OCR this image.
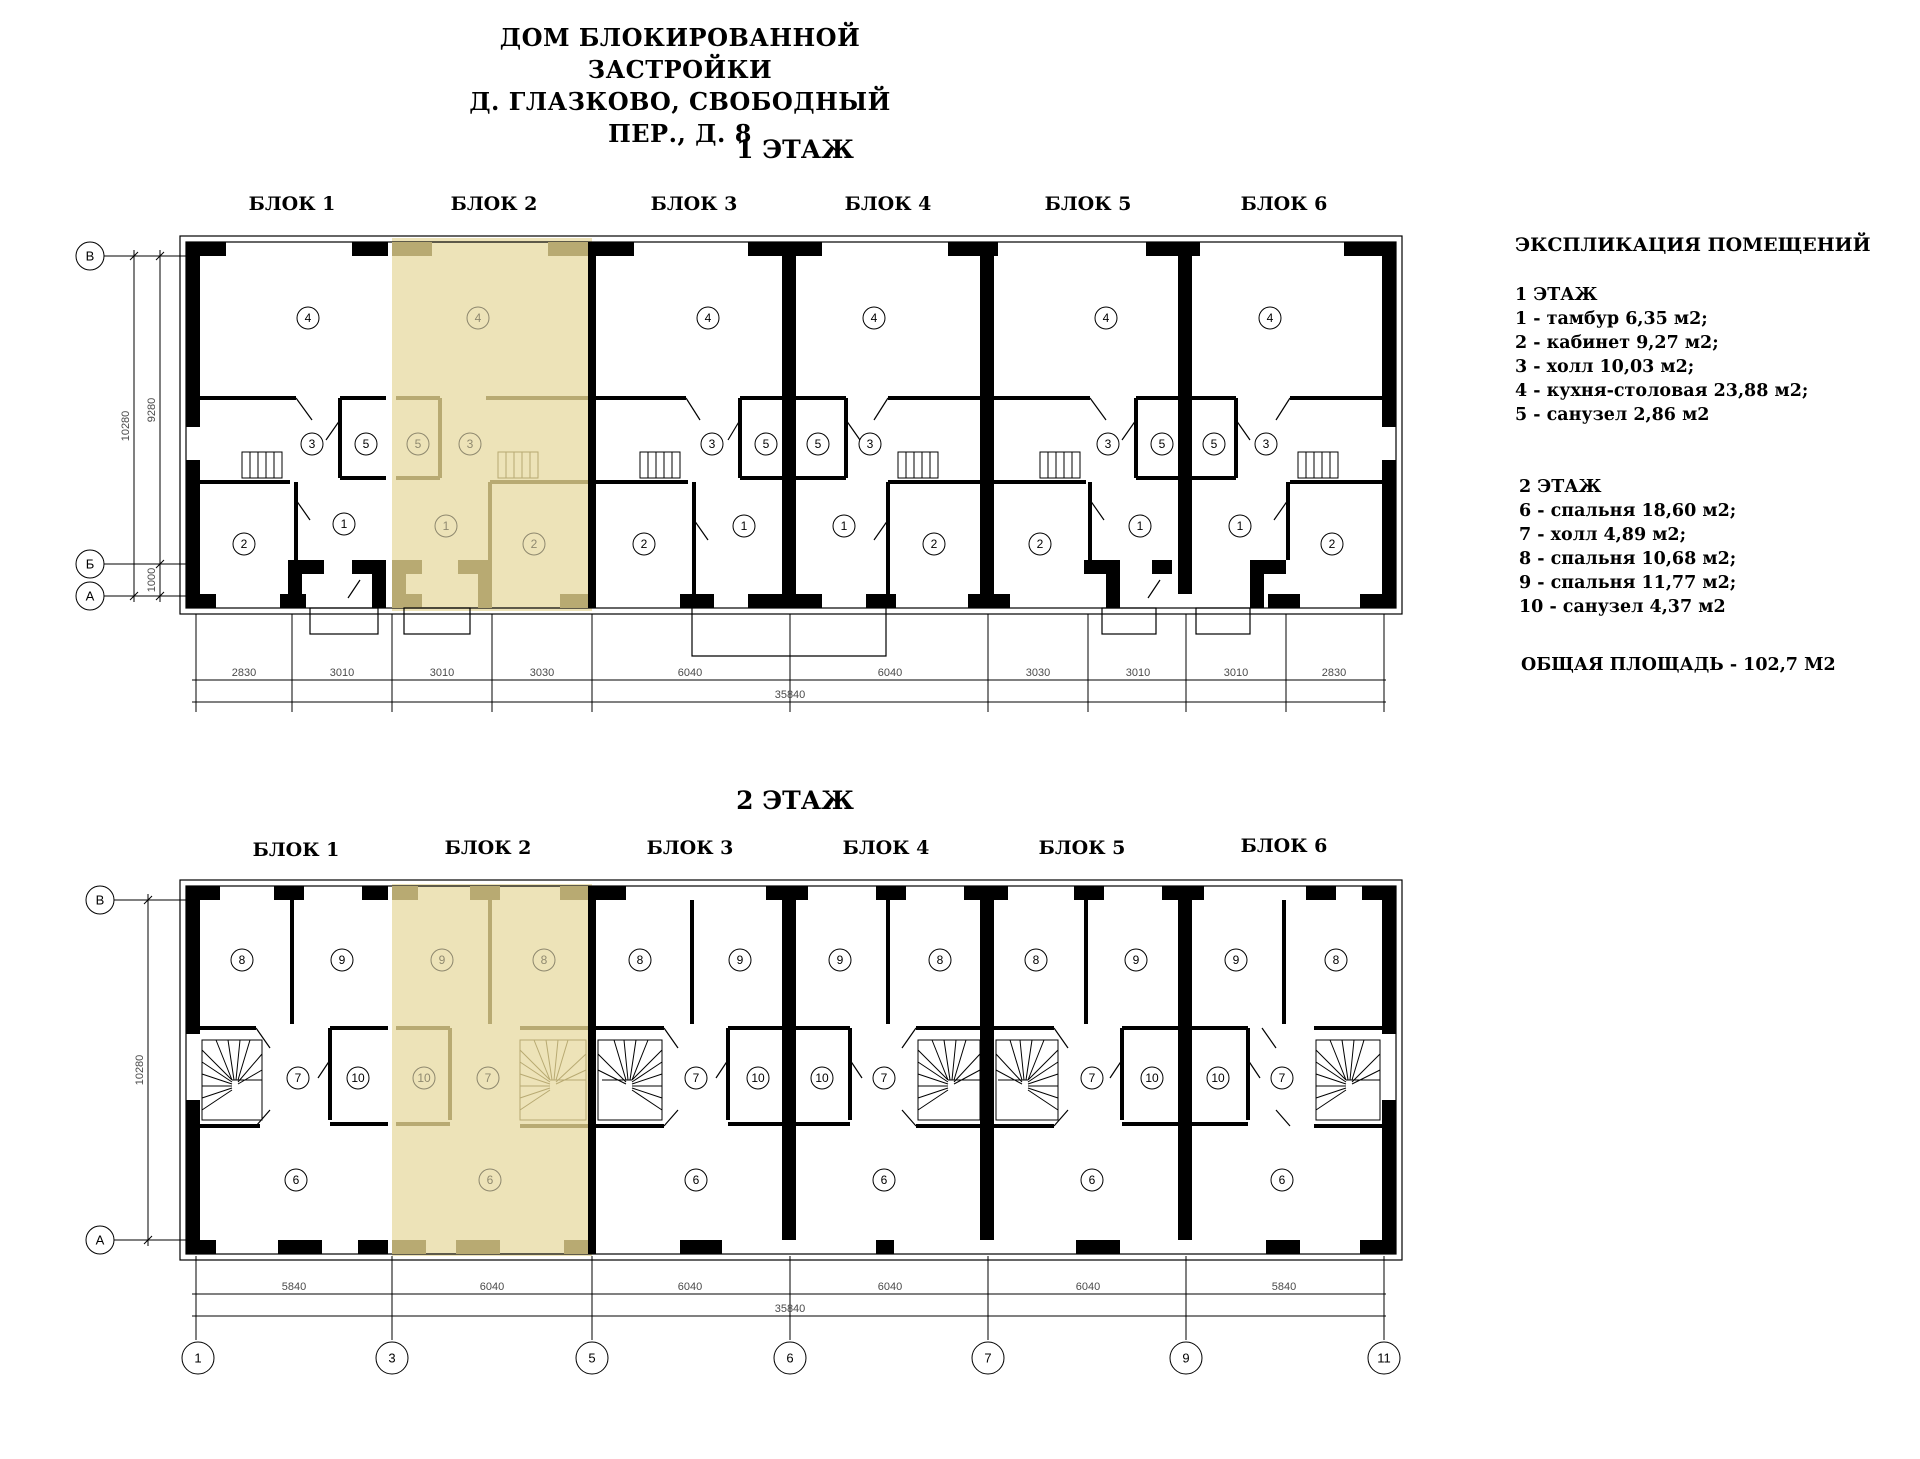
ДОМ БЛОКИРОВАННОЙ ЗАСТРОЙКИ
Д. ГЛАЗКОВО, СВОБОДНЫЙ ПЕР., Д. 8
1 ЭТАЖ
2 ЭТАЖ
4
3	5
2
1
4
5	3
1
2
4
3	5
2
1
4
5	3
1
2
4
3	5
2
1
4
5	3
1
2
БЛОК 1	БЛОК 2	БЛОК 3	БЛОК 4	БЛОК 5	БЛОК 6
В
Б
А
10280
9280
1000
2830	3010	3010	3030	6040	6040	3030	3010	3010	2830
35840
8	9
7	10
6
9	8
7
10
6
8	9
7	10
6
9	8
7
10
6
8	9
7	10
6
9	8
7
10
6
БЛОК 1	БЛОК 2	БЛОК 3	БЛОК 4	БЛОК 5	БЛОК 6
В
А
10280
5840	6040	6040	6040	6040	5840
35840
1	3	5	6	7	9	11
ЭКСПЛИКАЦИЯ ПОМЕЩЕНИЙ
1 ЭТАЖ
1 - тамбур 6,35 м2;
2 - кабинет 9,27 м2;
3 - холл 10,03 м2;
4 - кухня-столовая 23,88 м2;
5 - санузел 2,86 м2
2 ЭТАЖ
6 - спальня 18,60 м2;
7 - холл 4,89 м2;
8 - спальня 10,68 м2;
9 - спальня 11,77 м2;
10 - санузел 4,37 м2
ОБЩАЯ ПЛОЩАДЬ - 102,7 М2
